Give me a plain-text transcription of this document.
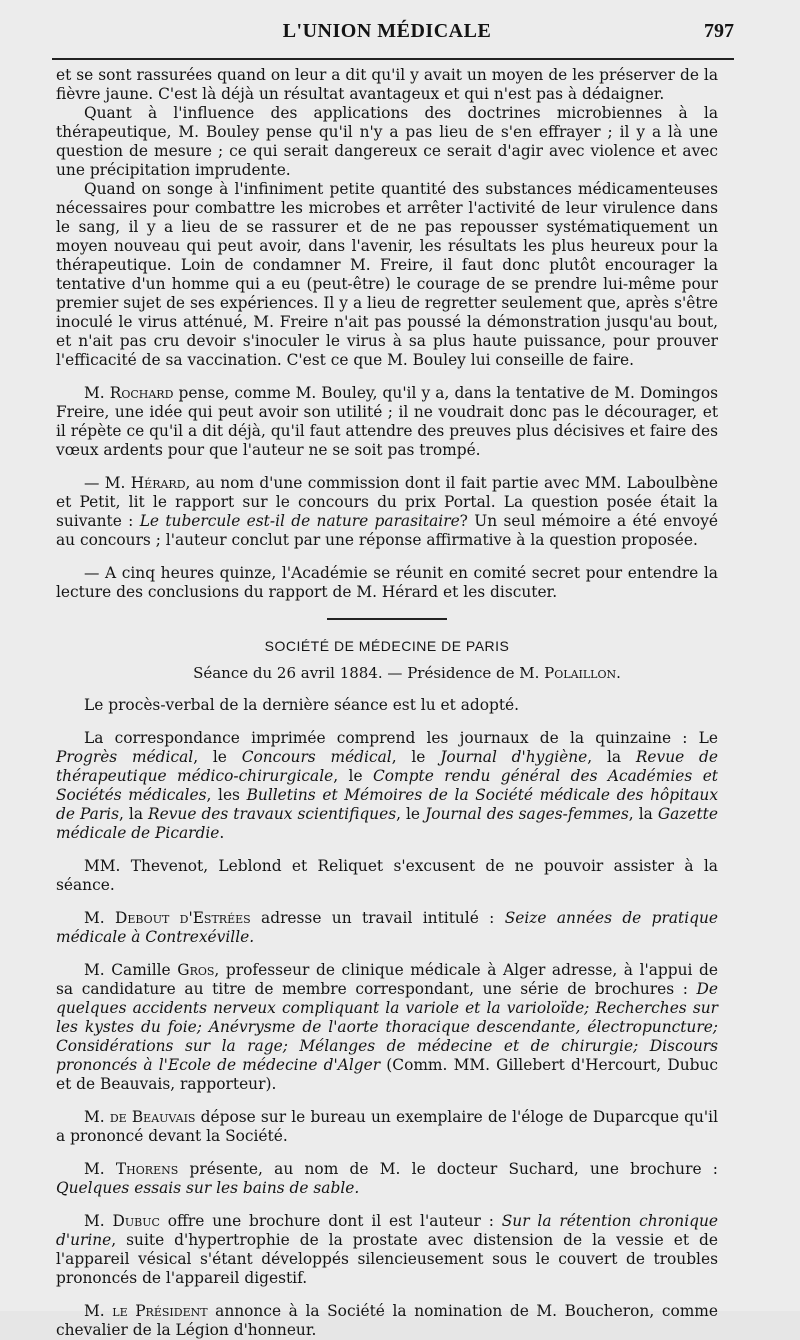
L'UNION MÉDICALE	797

et se sont rassurées quand on leur a dit qu'il y avait un moyen de les préserver de la fièvre jaune. C'est là déjà un résultat avantageux et qui n'est pas à dédaigner.

Quant à l'influence des applications des doctrines microbiennes à la thérapeutique, M. Bouley pense qu'il n'y a pas lieu de s'en effrayer ; il y a là une question de mesure ; ce qui serait dangereux ce serait d'agir avec violence et avec une précipitation imprudente.

Quand on songe à l'infiniment petite quantité des substances médicamenteuses nécessaires pour combattre les microbes et arrêter l'activité de leur virulence dans le sang, il y a lieu de se rassurer et de ne pas repousser systématiquement un moyen nouveau qui peut avoir, dans l'avenir, les résultats les plus heureux pour la thérapeutique. Loin de condamner M. Freire, il faut donc plutôt encourager la tentative d'un homme qui a eu (peut-être) le courage de se prendre lui-même pour premier sujet de ses expériences. Il y a lieu de regretter seulement que, après s'être inoculé le virus atténué, M. Freire n'ait pas poussé la démonstration jusqu'au bout, et n'ait pas cru devoir s'inoculer le virus à sa plus haute puissance, pour prouver l'efficacité de sa vaccination. C'est ce que M. Bouley lui conseille de faire.

M. Rochard pense, comme M. Bouley, qu'il y a, dans la tentative de M. Domingos Freire, une idée qui peut avoir son utilité ; il ne voudrait donc pas le décourager, et il répète ce qu'il a dit déjà, qu'il faut attendre des preuves plus décisives et faire des vœux ardents pour que l'auteur ne se soit pas trompé.

— M. Hérard, au nom d'une commission dont il fait partie avec MM. Laboulbène et Petit, lit le rapport sur le concours du prix Portal. La question posée était la suivante : Le tubercule est-il de nature parasitaire? Un seul mémoire a été envoyé au concours ; l'auteur conclut par une réponse affirmative à la question proposée.

— A cinq heures quinze, l'Académie se réunit en comité secret pour entendre la lecture des conclusions du rapport de M. Hérard et les discuter.

SOCIÉTÉ DE MÉDECINE DE PARIS
Séance du 26 avril 1884. — Présidence de M. Polaillon.

Le procès-verbal de la dernière séance est lu et adopté.

La correspondance imprimée comprend les journaux de la quinzaine : Le Progrès médical, le Concours médical, le Journal d'hygiène, la Revue de thérapeutique médico-chirurgicale, le Compte rendu général des Académies et Sociétés médicales, les Bulletins et Mémoires de la Société médicale des hôpitaux de Paris, la Revue des travaux scientifiques, le Journal des sages-femmes, la Gazette médicale de Picardie.

MM. Thevenot, Leblond et Reliquet s'excusent de ne pouvoir assister à la séance.

M. Debout d'Estrées adresse un travail intitulé : Seize années de pratique médicale à Contrexéville.

M. Camille Gros, professeur de clinique médicale à Alger adresse, à l'appui de sa candidature au titre de membre correspondant, une série de brochures : De quelques accidents nerveux compliquant la variole et la varioloïde; Recherches sur les kystes du foie; Anévrysme de l'aorte thoracique descendante, électropuncture; Considérations sur la rage; Mélanges de médecine et de chirurgie; Discours prononcés à l'Ecole de médecine d'Alger (Comm. MM. Gillebert d'Hercourt, Dubuc et de Beauvais, rapporteur).

M. de Beauvais dépose sur le bureau un exemplaire de l'éloge de Duparcque qu'il a prononcé devant la Société.

M. Thorens présente, au nom de M. le docteur Suchard, une brochure : Quelques essais sur les bains de sable.

M. Dubuc offre une brochure dont il est l'auteur : Sur la rétention chronique d'urine, suite d'hypertrophie de la prostate avec distension de la vessie et de l'appareil vésical s'étant développés silencieusement sous le couvert de troubles prononcés de l'appareil digestif.

M. le Président annonce à la Société la nomination de M. Boucheron, comme chevalier de la Légion d'honneur.
